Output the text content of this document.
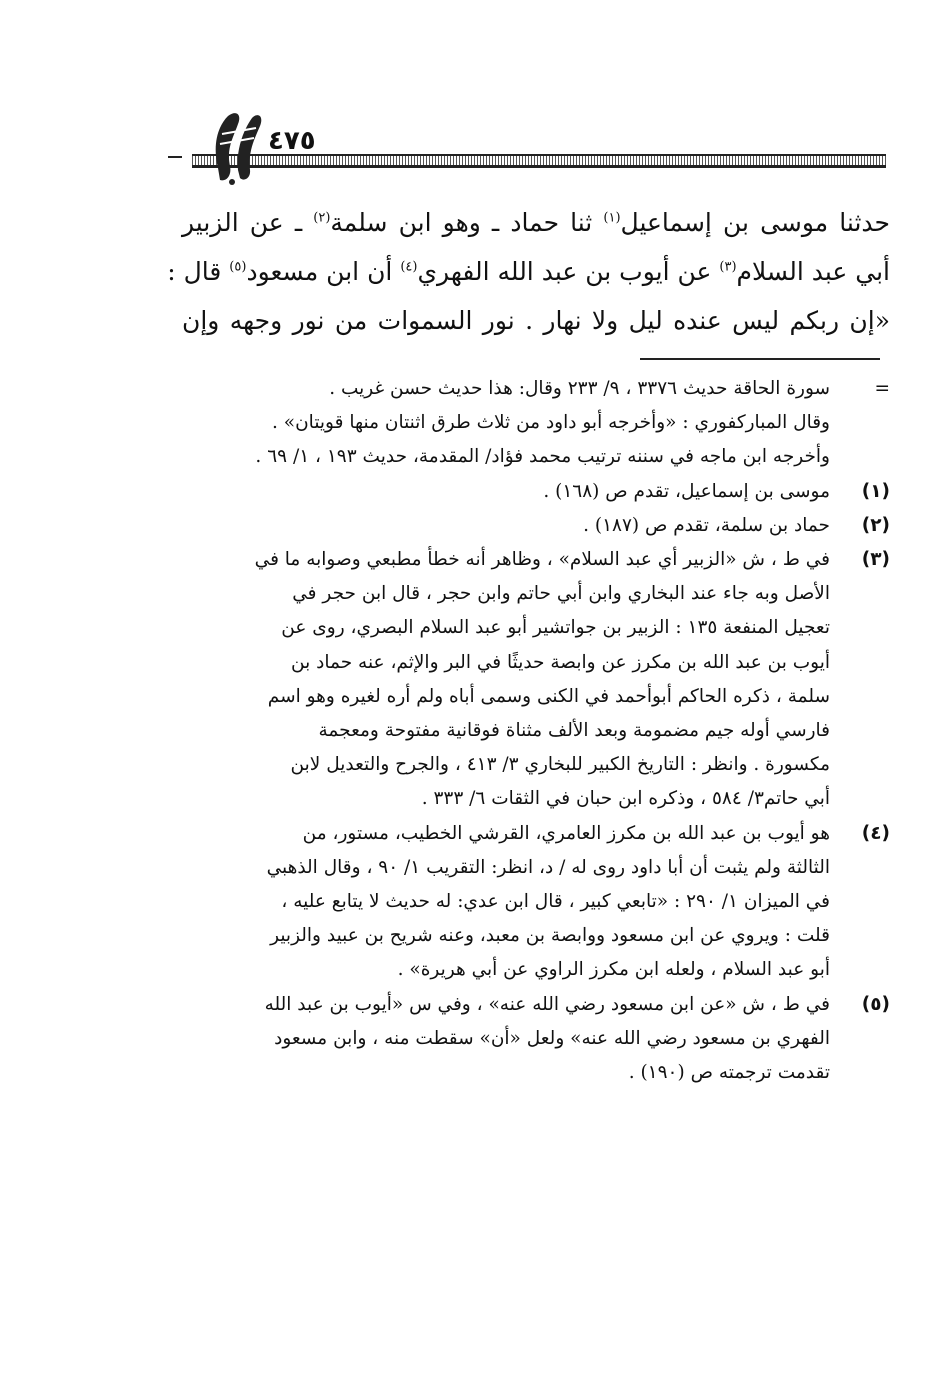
٤٧٥

حدثنا موسى بن إسماعيل$^{(١)}$ ثنا حماد ـ وهو ابن سلمة$^{(٢)}$ ـ عن الزبير

أبي عبد السلام$^{(٣)}$ عن أيوب بن عبد الله الفهري$^{(٤)}$ أن ابن مسعود$^{(٥)}$ قال :

«إن ربكم ليس عنده ليل ولا نهار . نور السموات من نور وجهه وإن

=
سورة الحاقة حديث ٣٣٧٦ ، ٩/ ٢٣٣ وقال: هذا حديث حسن غريب .
وقال المباركفوري : «وأخرجه أبو داود من ثلاث طرق اثنتان منها قويتان» .
وأخرجه ابن ماجه في سننه ترتيب محمد فؤاد/ المقدمة، حديث ١٩٣ ، ١/ ٦٩ .
(١)
موسى بن إسماعيل، تقدم ص (١٦٨) .
(٢)
حماد بن سلمة، تقدم ص (١٨٧) .
(٣)
في ط ، ش «الزبير أي عبد السلام» ، وظاهر أنه خطأ مطبعي وصوابه ما في
الأصل وبه جاء عند البخاري وابن أبي حاتم وابن حجر ، قال ابن حجر في
تعجيل المنفعة ١٣٥ : الزبير بن جواتشير أبو عبد السلام البصري، روى عن
أيوب بن عبد الله بن مكرز عن وابصة حديثًا في البر والإثم، عنه حماد بن
سلمة ، ذكره الحاكم أبوأحمد في الكنى وسمى أباه ولم أره لغيره وهو اسم
فارسي أوله جيم مضمومة وبعد الألف مثناة فوقانية مفتوحة ومعجمة
مكسورة . وانظر : التاريخ الكبير للبخاري ٣/ ٤١٣ ، والجرح والتعديل لابن
أبي حاتم٣/ ٥٨٤ ، وذكره ابن حبان في الثقات ٦/ ٣٣٣ .
(٤)
هو أيوب بن عبد الله بن مكرز العامري، القرشي الخطيب، مستور، من
الثالثة ولم يثبت أن أبا داود روى له / د، انظر: التقريب ١/ ٩٠ ، وقال الذهبي
في الميزان ١/ ٢٩٠ : «تابعي كبير ، قال ابن عدي: له حديث لا يتابع عليه ،
قلت : ويروي عن ابن مسعود ووابصة بن معبد، وعنه شريح بن عبيد والزبير
أبو عبد السلام ، ولعله ابن مكرز الراوي عن أبي هريرة» .
(٥)
في ط ، ش «عن ابن مسعود رضي الله عنه» ، وفي س «أيوب بن عبد الله
الفهري بن مسعود رضي الله عنه» ولعل «أن» سقطت منه ، وابن مسعود
تقدمت ترجمته ص (١٩٠) .
